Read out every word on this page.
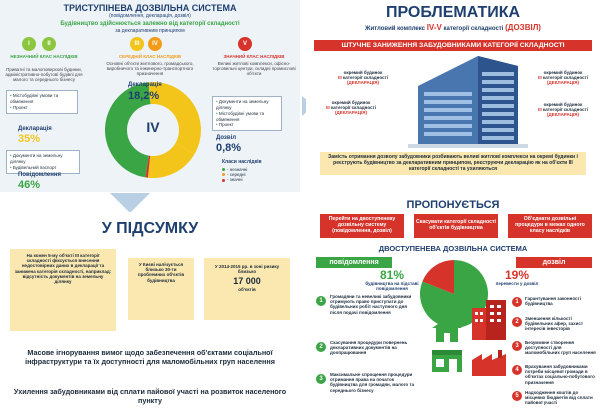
ТРИСТУПІНЕВА ДОЗВІЛЬНА СИСТЕМА
(повідомлення, декларація, дозвіл)
Будівництво здійснюється залежно від категорії складності
за декларативним принципом
I	II	III	IV	V
НЕЗНАЧНИЙ КЛАС НАСЛІДКІВ
Приватні та малоповерхові будинки, адміністративно-побутові будівлі для малого та середнього бізнесу
СЕРЕДНІЙ КЛАС НАСЛІДКІВ
Основні об'єкти житлового, громадського, виробничого та інженерно-транспортного призначення
ЗНАЧНИЙ КЛАС НАСЛІДКІВ
Великі житлові комплекси, офісно-торговельні центри, складні промислові об'єкти
• Містобудівні умови та обмеження
• Проект
IV
• Документи на земельну ділянку
• Містобудівні умови та обмеження
• Проект
Декларація
18,2%
Декларація
35%
• Документи на земельну ділянку
• Будівельний паспорт
Повідомлення
46%
Дозвіл
0,8%
Класи наслідків
- незначні
- середні
- значні
ПРОБЛЕМАТИКА
Житловий комплекс IV-V категорії складності (ДОЗВІЛ)
ШТУЧНЕ ЗАНИЖЕННЯ ЗАБУДОВНИКАМИ КАТЕГОРІЇ СКЛАДНОСТІ
окремий будинок
III категорії складності
(ДЕКЛАРАЦІЯ)
окремий будинок
III категорії складності
(ДЕКЛАРАЦІЯ)
окремий будинок
III категорії складності
(ДЕКЛАРАЦІЯ)
окремий будинок
III категорії складності
(ДЕКЛАРАЦІЯ)
Замість отримання дозволу забудовники розбивають великі житлові комплекси на окремі будинки і реєструють будівництво за декларативним принципом, реєструючи декларацію як на об'єкти III категорії складності та ухиляються
У ПІДСУМКУ
На кожен 5-му об'єкті III категорії складності фіксується внесення недостовірних даних в декларації та занижена категорія складності, наприклад: відсутність документів на земельну ділянку
У Києві налічується близько 30-ти проблемних об'єктів будівництва
У 2014-2015 рр. в зоні ризику близько
17 000
об'єктів
Масове ігнорування вимог щодо забезпечення об'єктами соціальної інфраструктури та їх доступності для маломобільних груп населення
Ухилення забудовниками від сплати пайової участі на розвиток населеного пункту
ПРОПОНУЄТЬСЯ
Перейти на двоступеневу дозвільну систему (повідомлення, дозвіл)
Скасувати категорії складності об'єктів будівництва
Об'єднати дозвільні процедури в межах одного класу наслідків
ДВОСТУПЕНЕВА ДОЗВІЛЬНА СИСТЕМА
повідомлення
81%
будівництва на підставі повідомлення
дозвіл
19%
перевести у дозвіл
1
Громадяни та невеликі забудовники отримують право приступати до будівельних робіт наступного дня після подачі повідомлення
2
Скасування процедури повернень декларативних документів на доопрацювання
3
Максимальне спрощення процедури отримання права на початок будівництва для громадян, малого та середнього бізнесу
1
Гарантування законності будівництва
2
Зменшення кількості будівельних афер, захист інтересів інвесторів
3
Безумовне створення доступності для маломобільних груп населення
4
Врахування забудовниками потреби місцевої громади в об'єктах соціально-побутового призначення
5
Надходження коштів до місцевих бюджетів від сплати пайової участі
